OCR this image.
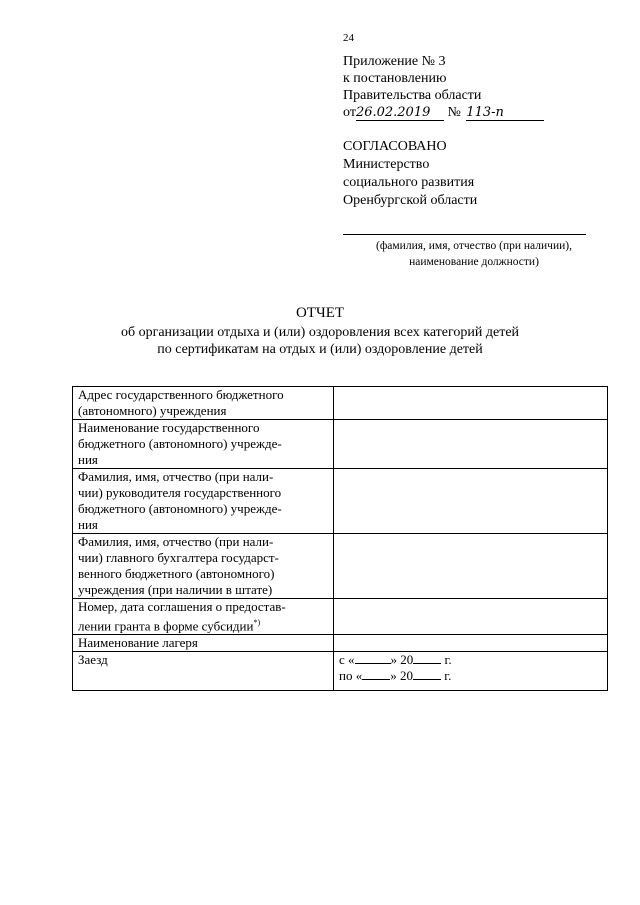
24
Приложение № 3
к постановлению
Правительства области
от26.02.2019 № 113-п
СОГЛАСОВАНО
Министерство
социального развития
Оренбургской области
(фамилия, имя, отчество (при наличии),
наименование должности)
ОТЧЕТ
об организации отдыха и (или) оздоровления всех категорий детей
по сертификатам на отдых и (или) оздоровление детей
Адрес государственного бюджетного
(автономного) учреждения	

Наименование государственного
бюджетного (автономного) учрежде-
ния	

Фамилия, имя, отчество (при нали-
чии) руководителя государственного
бюджетного (автономного) учрежде-
ния	

Фамилия, имя, отчество (при нали-
чии) главного бухгалтера государст-
венного бюджетного (автономного)
учреждения (при наличии в штате)	

Номер, дата соглашения о предостав-
лении гранта в форме субсидии*)

Наименование лагеря	

Заезд	с « » 20 г.
по « » 20 г.
